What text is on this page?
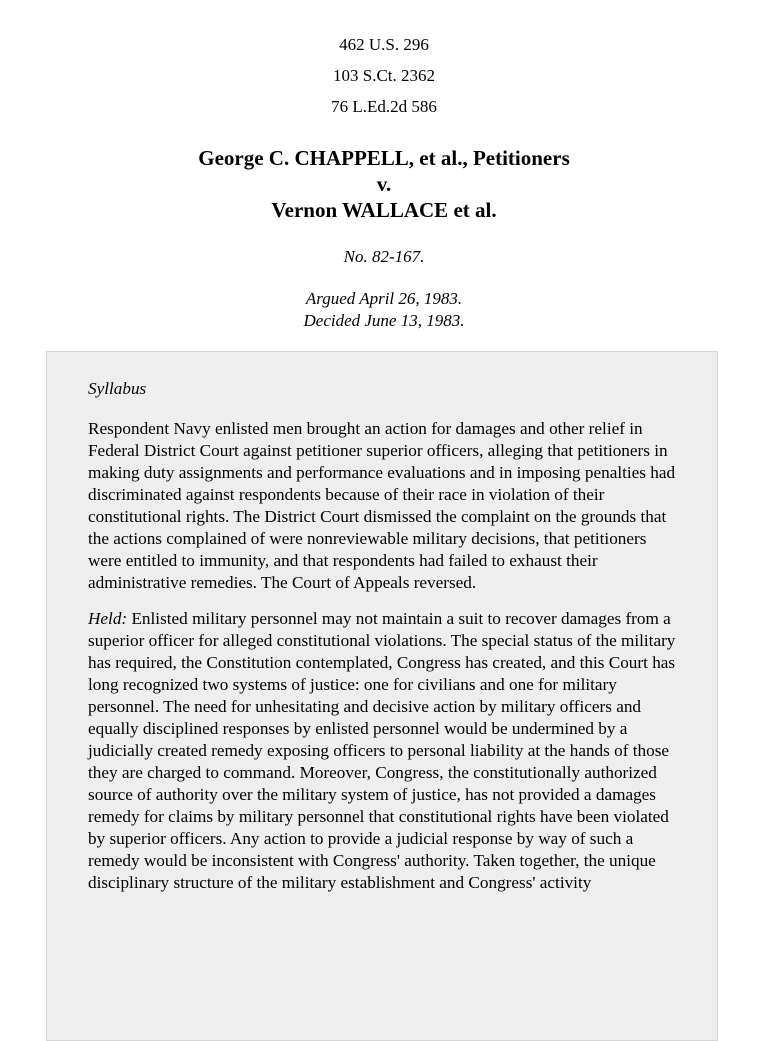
462 U.S. 296
103 S.Ct. 2362
76 L.Ed.2d 586
George C. CHAPPELL, et al., Petitioners
v.
Vernon WALLACE et al.
No. 82-167.
Argued April 26, 1983.
Decided June 13, 1983.
Syllabus

Respondent Navy enlisted men brought an action for damages and other relief in Federal District Court against petitioner superior officers, alleging that petitioners in making duty assignments and performance evaluations and in imposing penalties had discriminated against respondents because of their race in violation of their constitutional rights. The District Court dismissed the complaint on the grounds that the actions complained of were nonreviewable military decisions, that petitioners were entitled to immunity, and that respondents had failed to exhaust their administrative remedies. The Court of Appeals reversed.

Held: Enlisted military personnel may not maintain a suit to recover damages from a superior officer for alleged constitutional violations. The special status of the military has required, the Constitution contemplated, Congress has created, and this Court has long recognized two systems of justice: one for civilians and one for military personnel. The need for unhesitating and decisive action by military officers and equally disciplined responses by enlisted personnel would be undermined by a judicially created remedy exposing officers to personal liability at the hands of those they are charged to command. Moreover, Congress, the constitutionally authorized source of authority over the military system of justice, has not provided a damages remedy for claims by military personnel that constitutional rights have been violated by superior officers. Any action to provide a judicial response by way of such a remedy would be inconsistent with Congress' authority. Taken together, the unique disciplinary structure of the military establishment and Congress' activity
